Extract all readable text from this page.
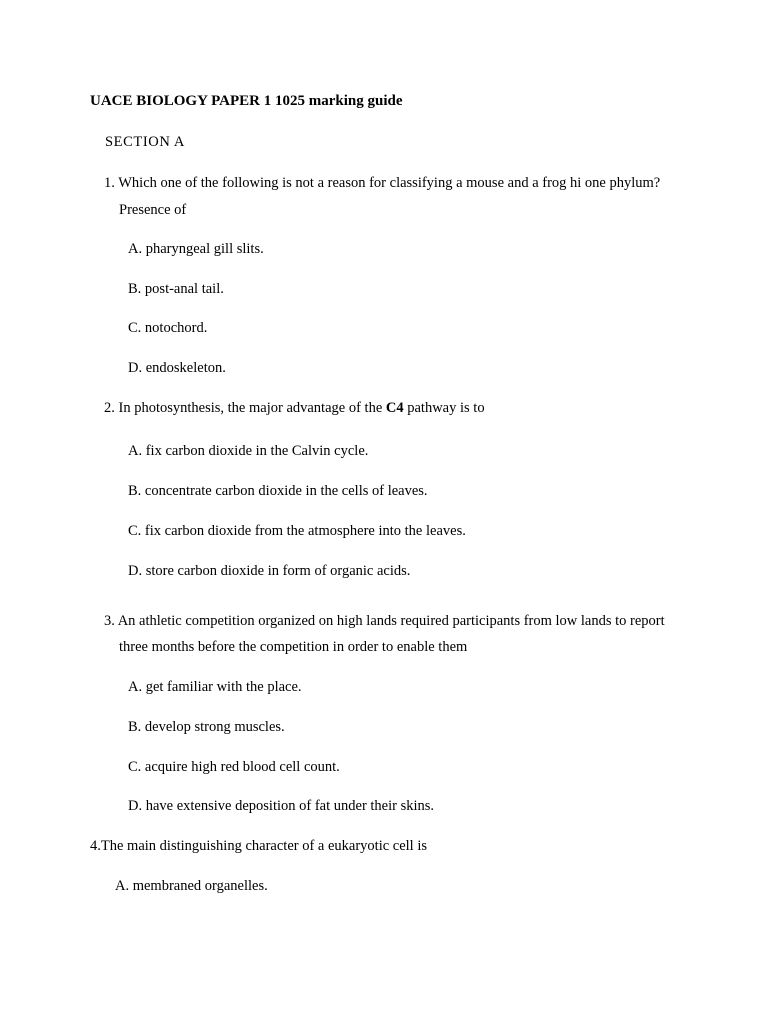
UACE BIOLOGY PAPER 1 1025 marking guide
SECTION A
1. Which one of the following is not a reason for classifying a mouse and a frog hi one phylum?
Presence of
A. pharyngeal gill slits.
B. post-anal tail.
C. notochord.
D. endoskeleton.
2. In photosynthesis, the major advantage of the C4 pathway is to
A. fix carbon dioxide in the Calvin cycle.
B. concentrate carbon dioxide in the cells of leaves.
C. fix carbon dioxide from the atmosphere into the leaves.
D. store carbon dioxide in form of organic acids.
3. An athletic competition organized on high lands required participants from low lands to report
three months before the competition in order to enable them
A. get familiar with the place.
B. develop strong muscles.
C. acquire high red blood cell count.
D. have extensive deposition of fat under their skins.
4.The main distinguishing character of a eukaryotic cell is
A. membraned organelles.
